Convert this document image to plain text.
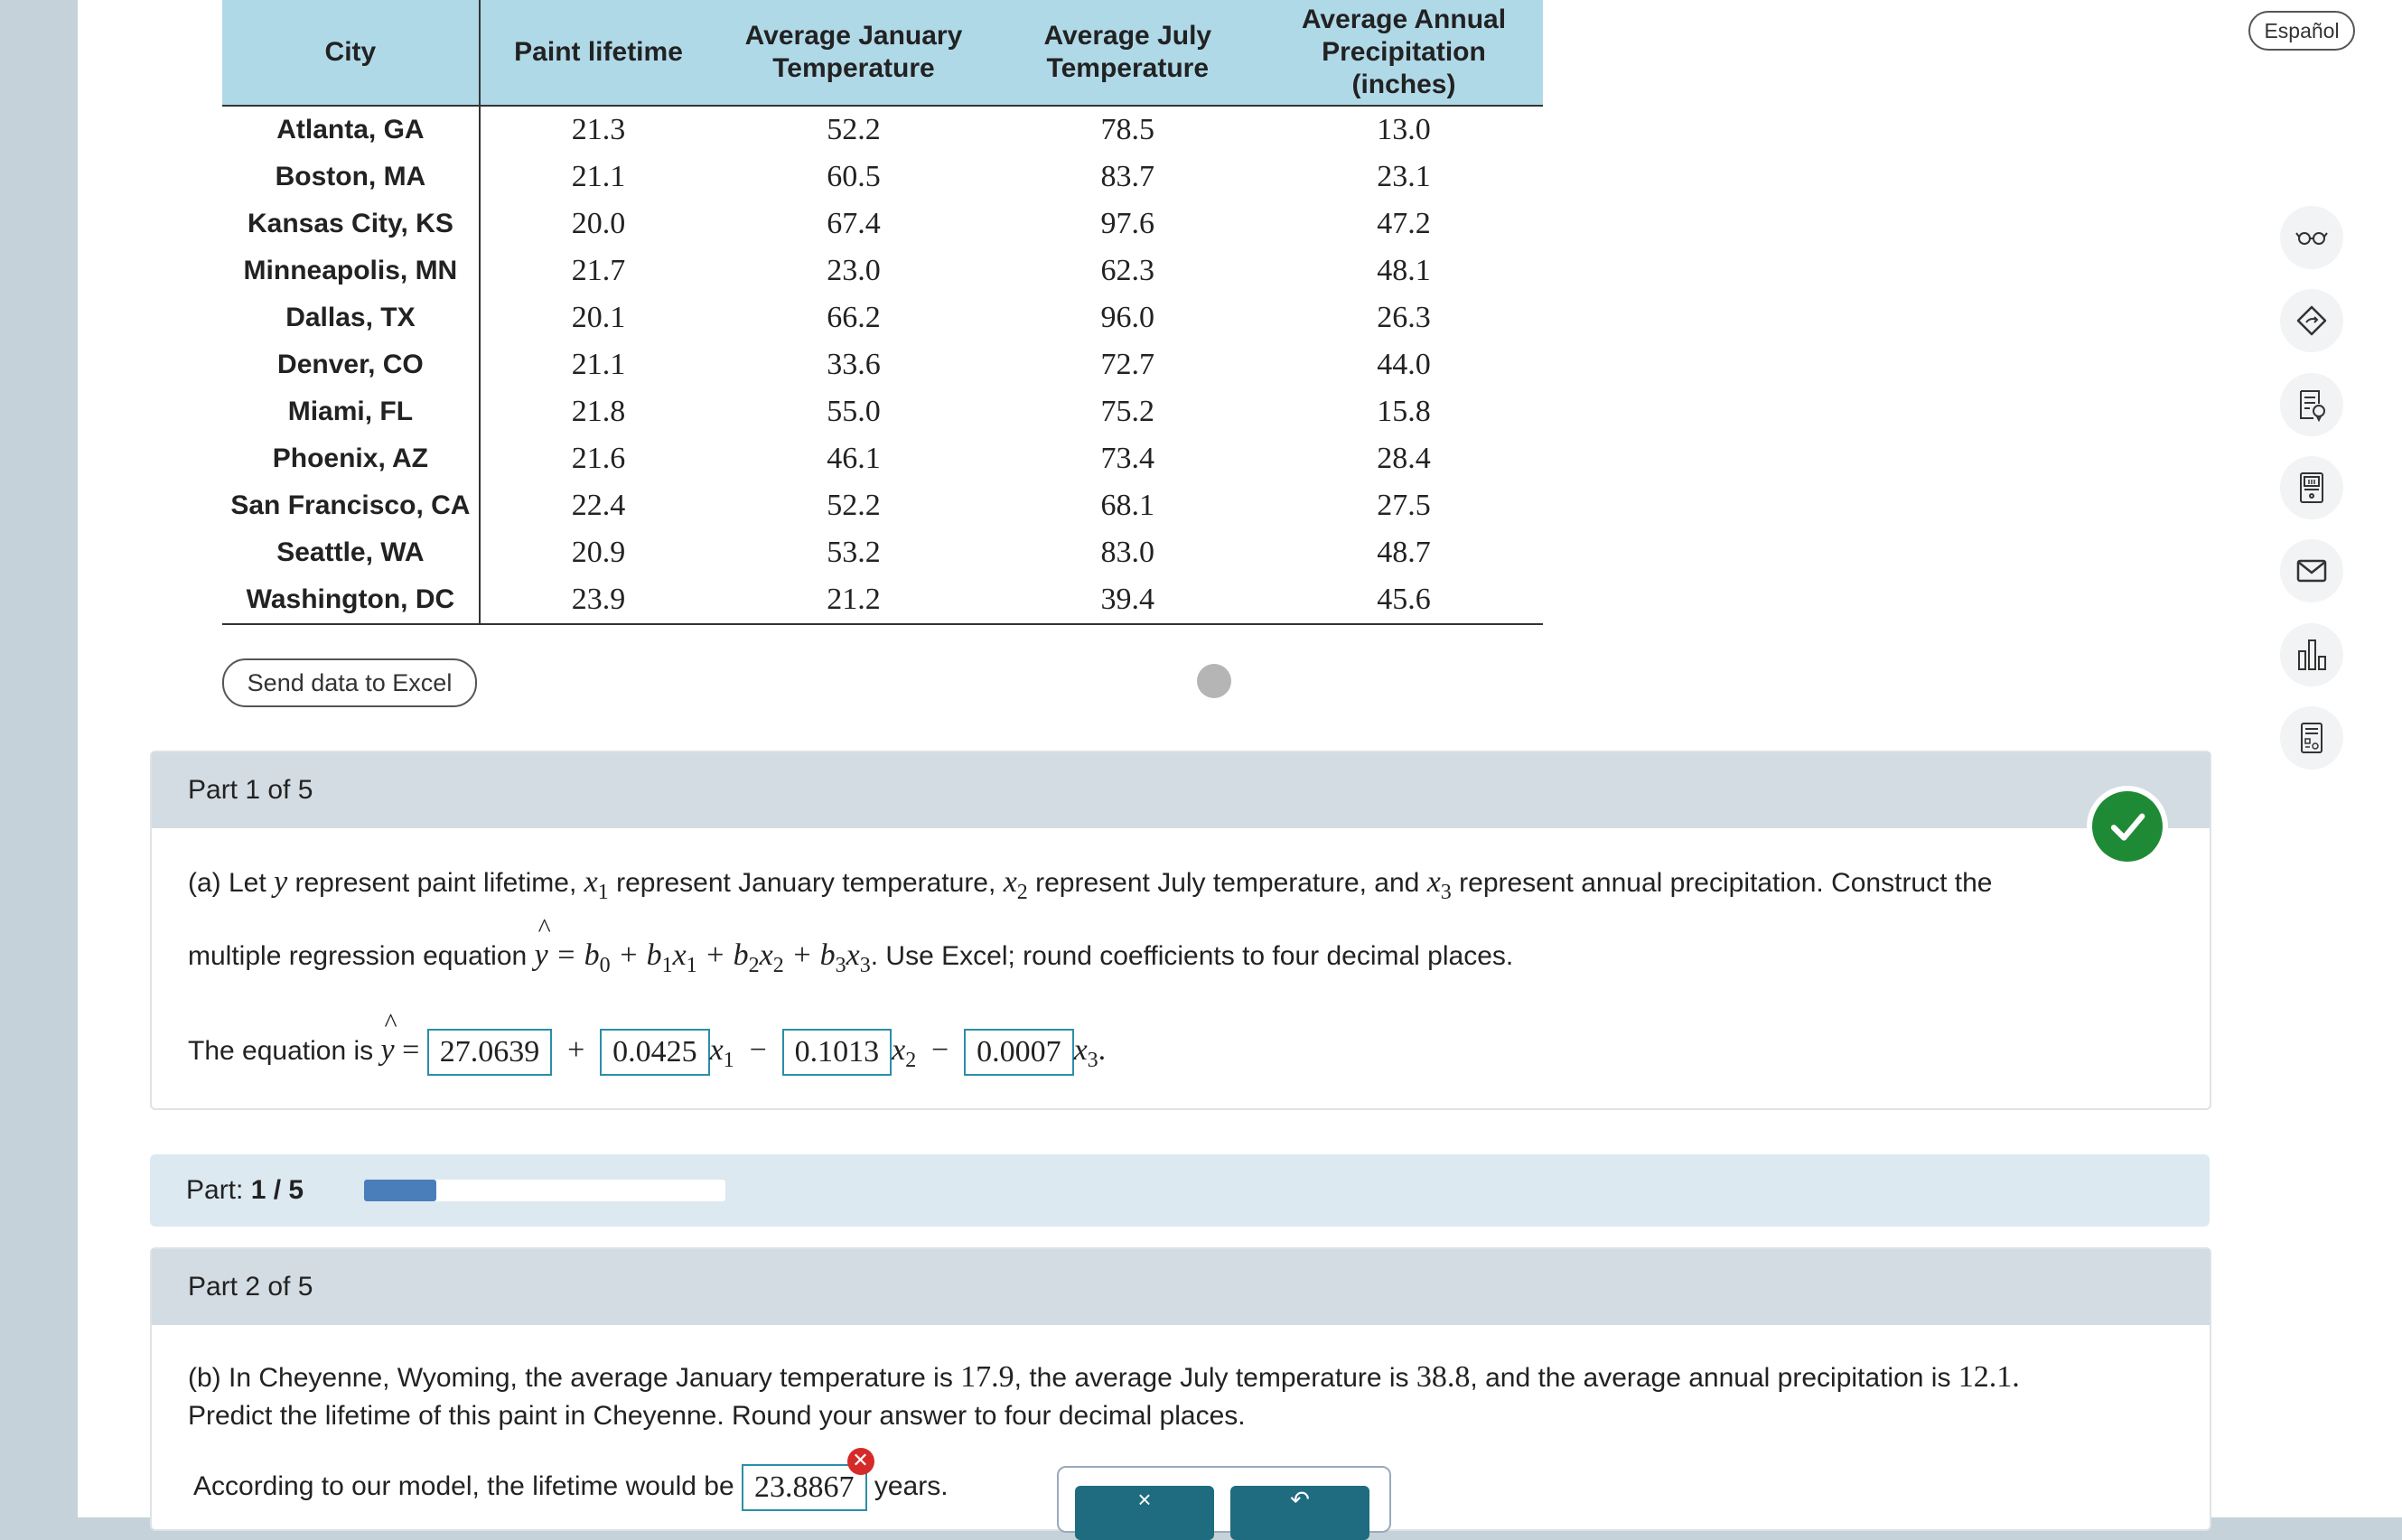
City	Paint lifetime	Average January Temperature	Average July Temperature	Average Annual Precipitation (inches)
Atlanta, GA	21.3	52.2	78.5	13.0
Boston, MA	21.1	60.5	83.7	23.1
Kansas City, KS	20.0	67.4	97.6	47.2
Minneapolis, MN	21.7	23.0	62.3	48.1
Dallas, TX	20.1	66.2	96.0	26.3
Denver, CO	21.1	33.6	72.7	44.0
Miami, FL	21.8	55.0	75.2	15.8
Phoenix, AZ	21.6	46.1	73.4	28.4
San Francisco, CA	22.4	52.2	68.1	27.5
Seattle, WA	20.9	53.2	83.0	48.7
Washington, DC	23.9	21.2	39.4	45.6
Send data to Excel
Español
Part 1 of 5
(a) Let y represent paint lifetime, $x_1$ represent January temperature, $x_2$ represent July temperature, and $x_3$ represent annual precipitation. Construct the
multiple regression equation ^ $y = b_0 + b_1x_1 + b_2x_2 + b_3x_3$. Use Excel; round coefficients to four decimal places.
The equation is ^ y = 27.0639  +  0.0425 $x_1 - 0.1013$ $x_2 - 0.0007$ $x_3$.
Part: 1 / 5
Part 2 of 5
(b) In Cheyenne, Wyoming, the average January temperature is 17.9, the average July temperature is 38.8, and the average annual precipitation is 12.1.
Predict the lifetime of this paint in Cheyenne. Round your answer to four decimal places.
According to our model, the lifetime would be 23.8867
✕
years.	×	↶
